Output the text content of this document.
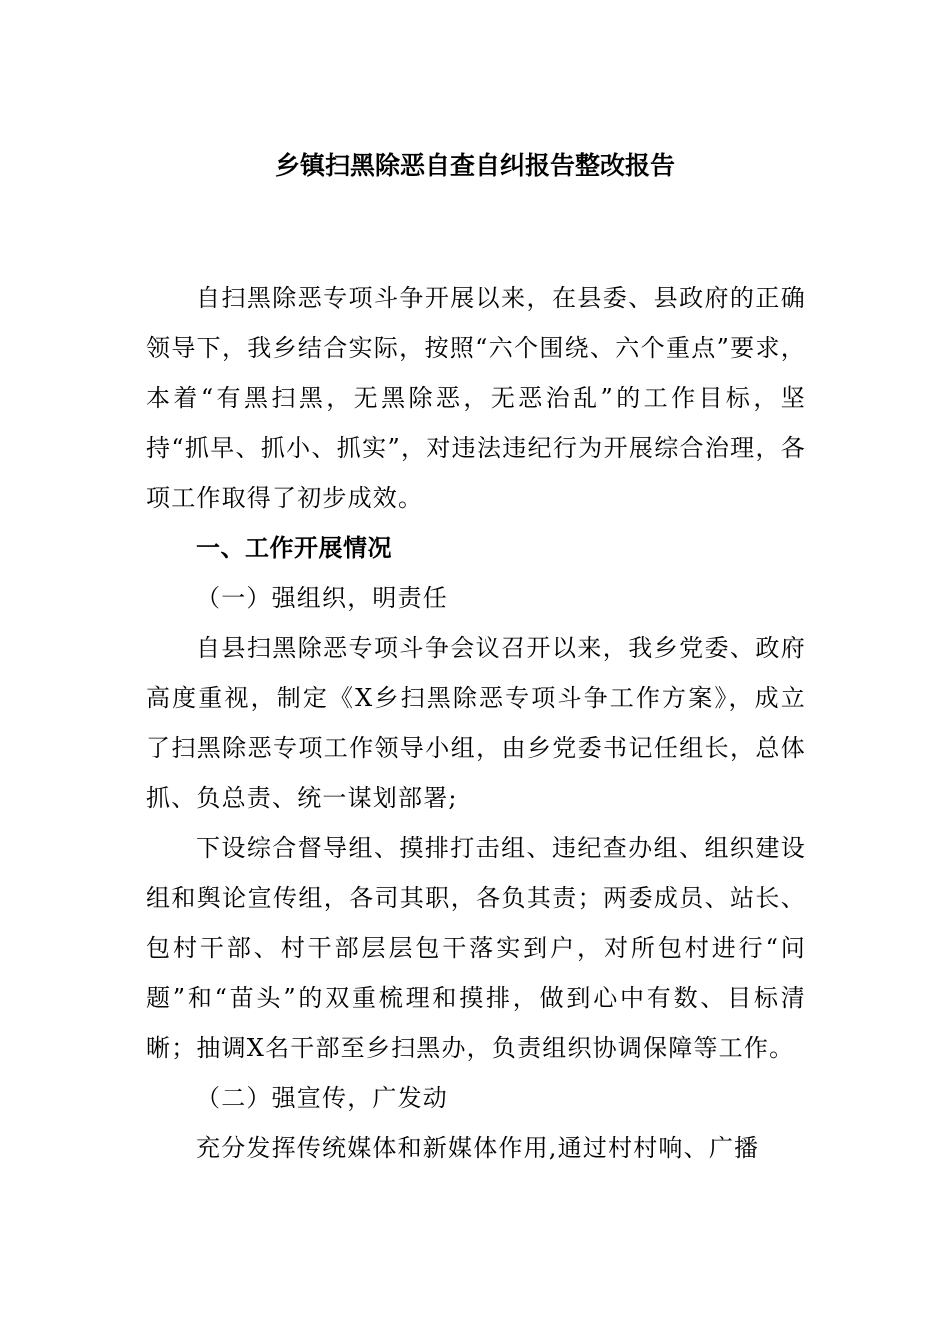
乡镇扫黑除恶自查自纠报告整改报告

自扫黑除恶专项斗争开展以来，在县委、县政府的正确领导下，我乡结合实际，按照“六个围绕、六个重点”要求，本着“有黑扫黑，无黑除恶，无恶治乱”的工作目标，坚持“抓早、抓小、抓实”，对违法违纪行为开展综合治理，各项工作取得了初步成效。

一、工作开展情况

（一）强组织，明责任

自县扫黑除恶专项斗争会议召开以来，我乡党委、政府高度重视，制定《X乡扫黑除恶专项斗争工作方案》，成立了扫黑除恶专项工作领导小组，由乡党委书记任组长，总体抓、负总责、统一谋划部署;

下设综合督导组、摸排打击组、违纪查办组、组织建设组和舆论宣传组，各司其职，各负其责；两委成员、站长、包村干部、村干部层层包干落实到户，对所包村进行“问题”和“苗头”的双重梳理和摸排，做到心中有数、目标清晰；抽调X名干部至乡扫黑办，负责组织协调保障等工作。

（二）强宣传，广发动

充分发挥传统媒体和新媒体作用,通过村村响、广播
